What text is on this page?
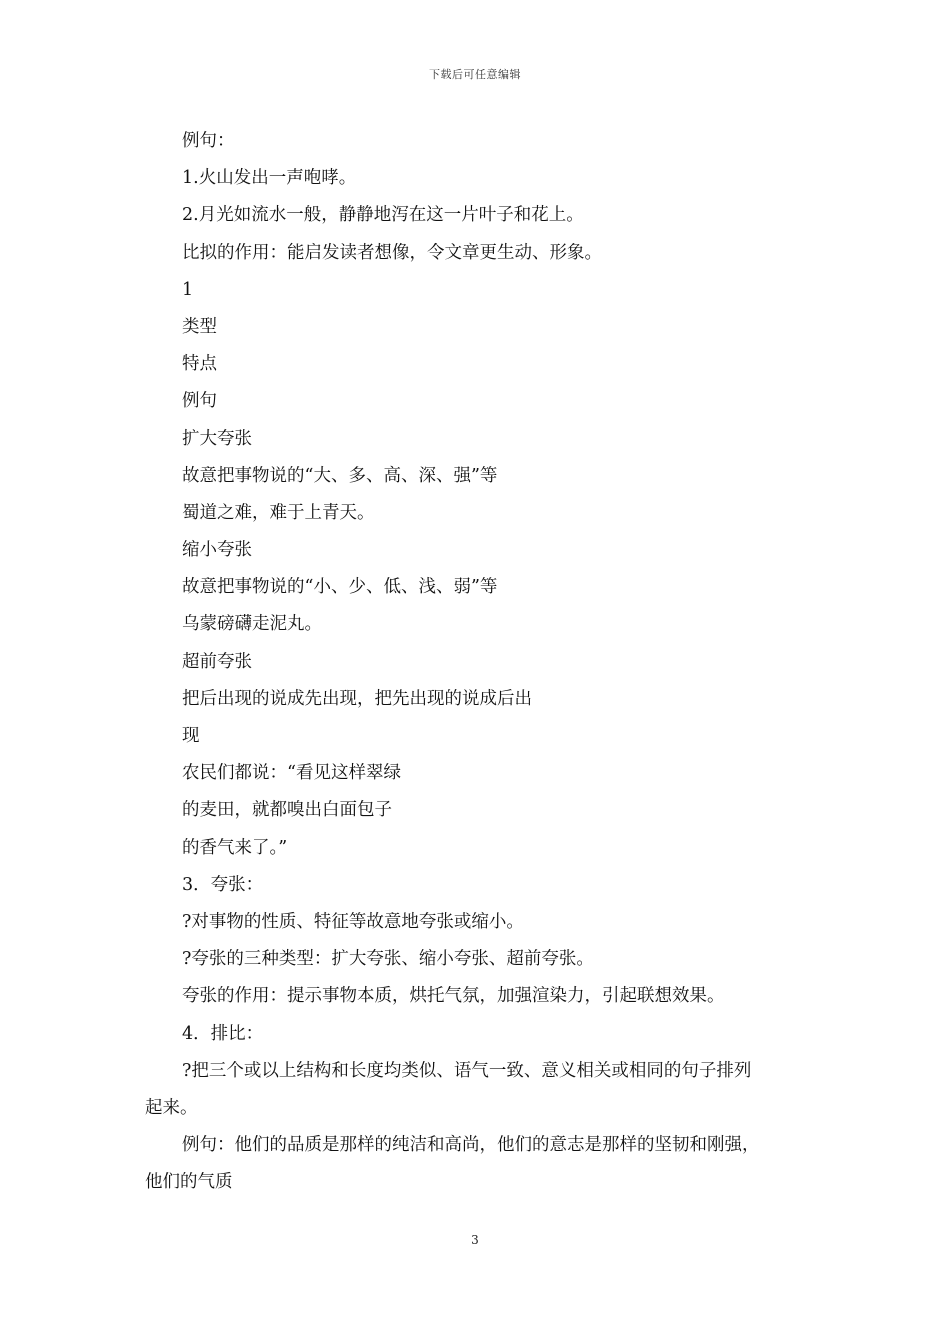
下载后可任意编辑
例句：
1.火山发出一声咆哮。
2.月光如流水一般，静静地泻在这一片叶子和花上。
比拟的作用：能启发读者想像，令文章更生动、形象。
1
类型
特点
例句
扩大夸张
故意把事物说的“大、多、高、深、强”等
蜀道之难，难于上青天。
缩小夸张
故意把事物说的“小、少、低、浅、弱”等
乌蒙磅礴走泥丸。
超前夸张
把后出现的说成先出现，把先出现的说成后出
现
农民们都说：“看见这样翠绿
的麦田，就都嗅出白面包子
的香气来了。”
3．夸张：
?对事物的性质、特征等故意地夸张或缩小。
?夸张的三种类型：扩大夸张、缩小夸张、超前夸张。
夸张的作用：提示事物本质，烘托气氛，加强渲染力，引起联想效果。
4．排比：
?把三个或以上结构和长度均类似、语气一致、意义相关或相同的句子排列
起来。
例句：他们的品质是那样的纯洁和高尚，他们的意志是那样的坚韧和刚强，
他们的气质
3
